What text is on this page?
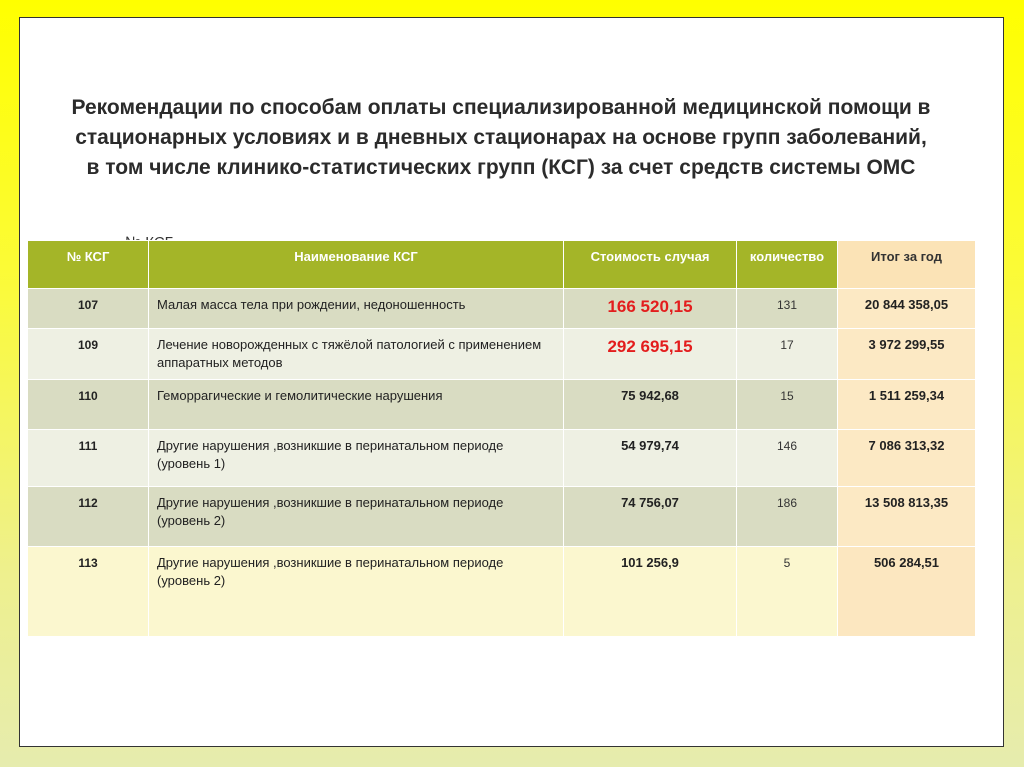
Рекомендации по способам оплаты специализированной медицинской помощи в стационарных условиях и в дневных стационарах на основе групп заболеваний, в том числе клинико-статистических групп (КСГ) за счет средств системы ОМС
№ КСГ	Наименование КСГ	Стоимость случая	количество	Итог за год
107	Малая масса тела при рождении, недоношенность	166 520,15	131	20 844 358,05
109	Лечение новорожденных с тяжёлой патологией с применением аппаратных методов	292 695,15	17	3 972 299,55
110	Геморрагические и гемолитические нарушения	75 942,68	15	1 511 259,34
111	Другие нарушения ,возникшие в перинатальном периоде (уровень 1)	54 979,74	146	7 086 313,32
112	Другие нарушения ,возникшие в перинатальном периоде (уровень 2)	74 756,07	186	13 508 813,35
113	Другие нарушения ,возникшие в перинатальном периоде (уровень 2)	101 256,9	5	506 284,51
